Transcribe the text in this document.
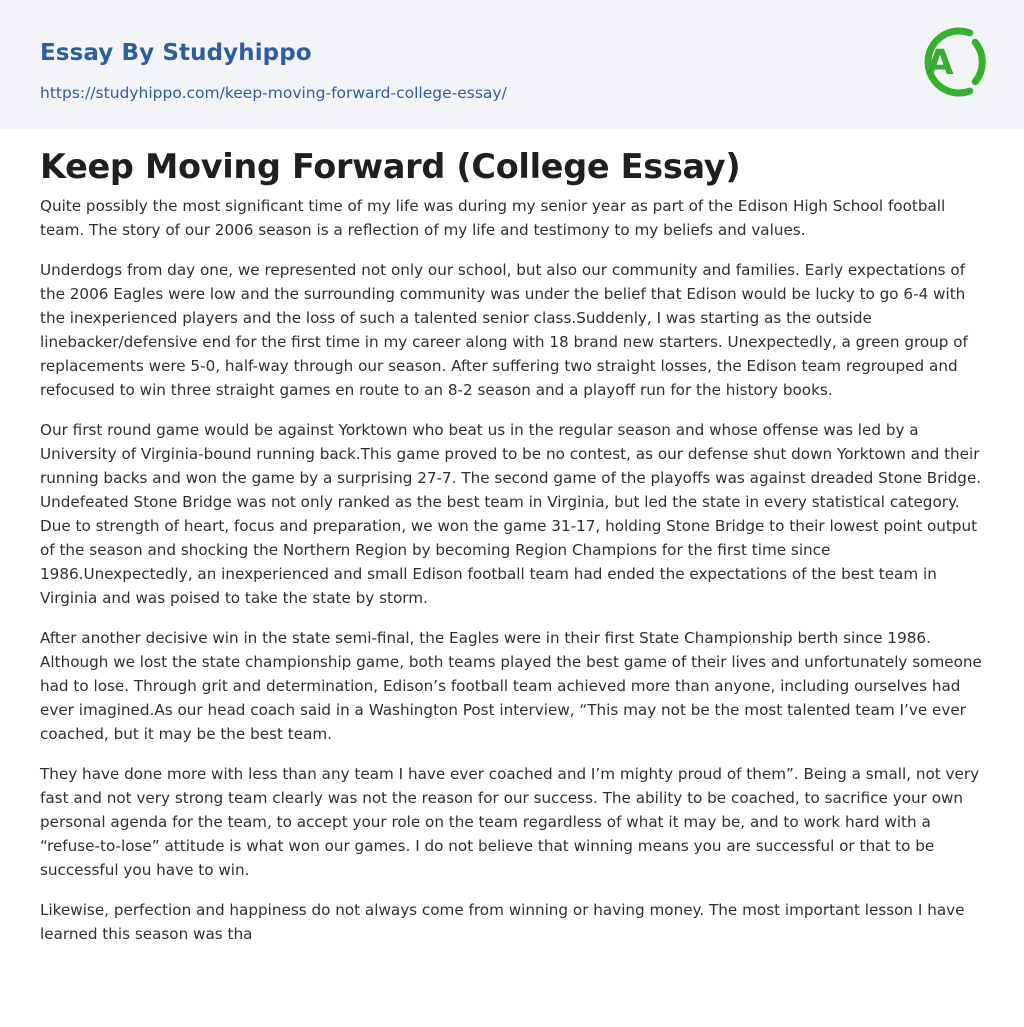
Essay By Studyhippo
https://studyhippo.com/keep-moving-forward-college-essay/
A
Keep Moving Forward (College Essay)

Quite possibly the most significant time of my life was during my senior year as part of the Edison High School football team. The story of our 2006 season is a reflection of my life and testimony to my beliefs and values.

Underdogs from day one, we represented not only our school, but also our community and families. Early expectations of the 2006 Eagles were low and the surrounding community was under the belief that Edison would be lucky to go 6-4 with the inexperienced players and the loss of such a talented senior class.Suddenly, I was starting as the outside linebacker/defensive end for the first time in my career along with 18 brand new starters. Unexpectedly, a green group of replacements were 5-0, half-way through our season. After suffering two straight losses, the Edison team regrouped and refocused to win three straight games en route to an 8-2 season and a playoff run for the history books.

Our first round game would be against Yorktown who beat us in the regular season and whose offense was led by a University of Virginia-bound running back.This game proved to be no contest, as our defense shut down Yorktown and their running backs and won the game by a surprising 27-7. The second game of the playoffs was against dreaded Stone Bridge. Undefeated Stone Bridge was not only ranked as the best team in Virginia, but led the state in every statistical category. Due to strength of heart, focus and preparation, we won the game 31-17, holding Stone Bridge to their lowest point output of the season and shocking the Northern Region by becoming Region Champions for the first time since 1986.Unexpectedly, an inexperienced and small Edison football team had ended the expectations of the best team in Virginia and was poised to take the state by storm.

After another decisive win in the state semi-final, the Eagles were in their first State Championship berth since 1986. Although we lost the state championship game, both teams played the best game of their lives and unfortunately someone had to lose. Through grit and determination, Edison’s football team achieved more than anyone, including ourselves had ever imagined.As our head coach said in a Washington Post interview, “This may not be the most talented team I’ve ever coached, but it may be the best team.

They have done more with less than any team I have ever coached and I’m mighty proud of them”. Being a small, not very fast and not very strong team clearly was not the reason for our success. The ability to be coached, to sacrifice your own personal agenda for the team, to accept your role on the team regardless of what it may be, and to work hard with a “refuse-to-lose” attitude is what won our games. I do not believe that winning means you are successful or that to be successful you have to win.

Likewise, perfection and happiness do not always come from winning or having money. The most important lesson I have learned this season was tha
